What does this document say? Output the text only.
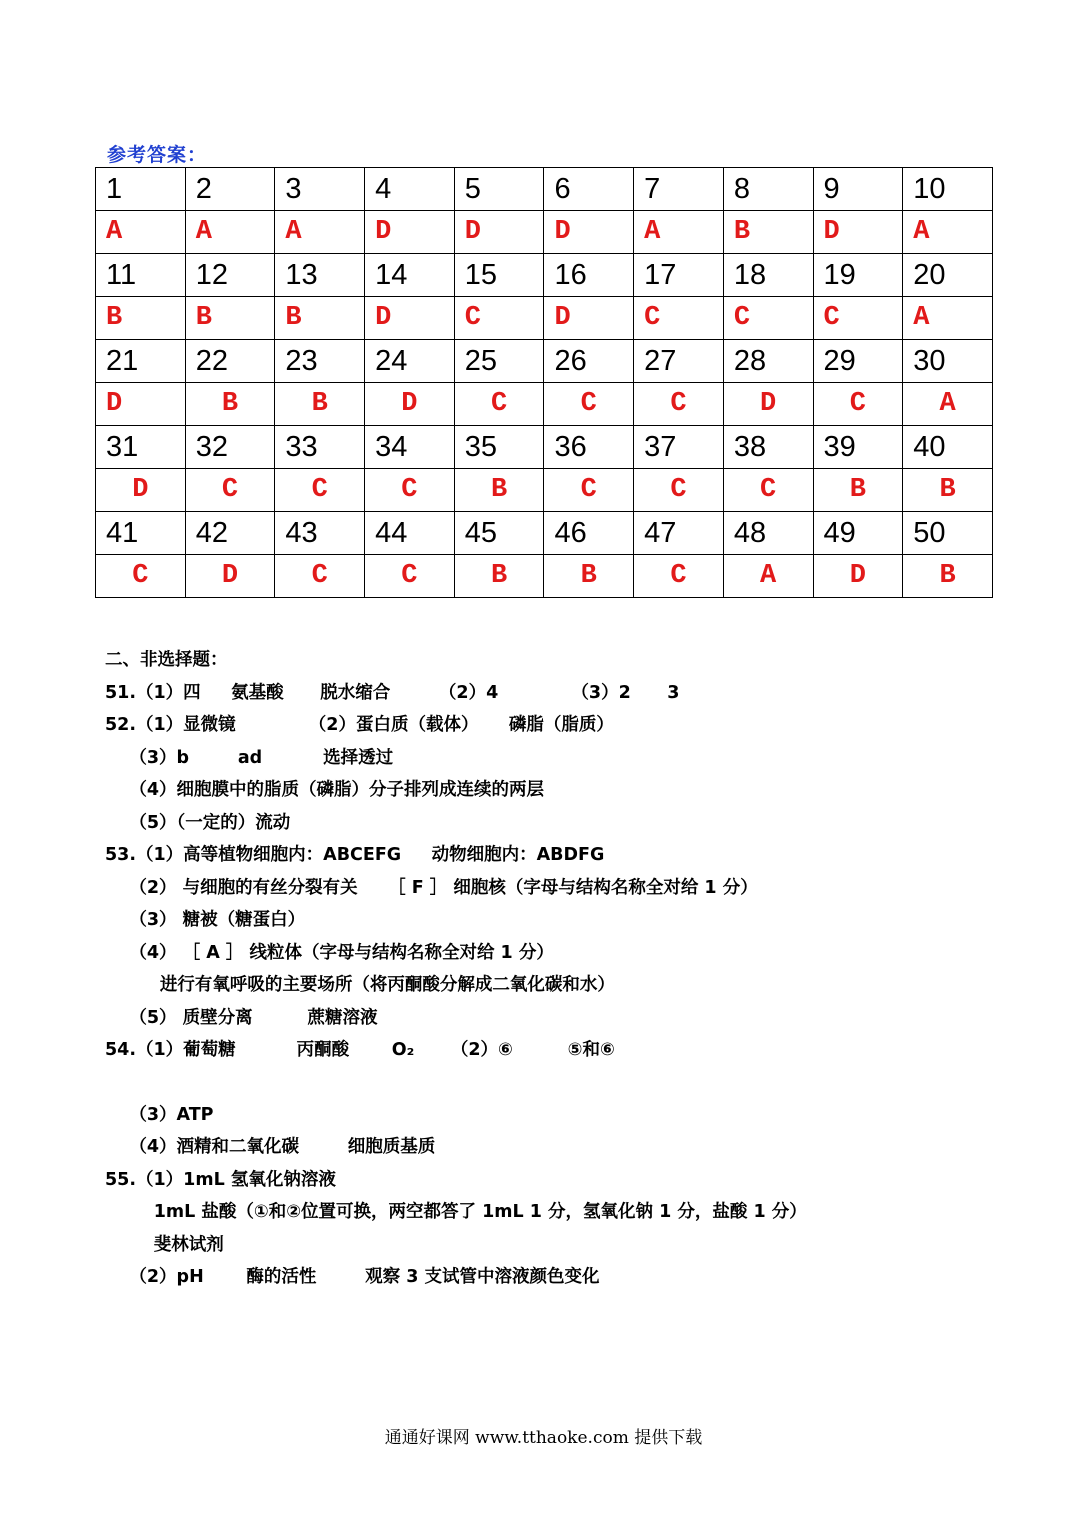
参考答案：
1	2	3	4	5	6	7	8	9	10
A	A	A	D	D	D	A	B	D	A
11	12	13	14	15	16	17	18	19	20
B	B	B	D	C	D	C	C	C	A
21	22	23	24	25	26	27	28	29	30
D	B	B	D	C	C	C	D	C	A
31	32	33	34	35	36	37	38	39	40
D	C	C	C	B	C	C	C	B	B
41	42	43	44	45	46	47	48	49	50
C	D	C	C	B	B	C	A	D	B
二、非选择题：
51.（1）四     氨基酸      脱水缩合        （2）4            （3）2      3
52.（1）显微镜            （2）蛋白质（载体）     磷脂（脂质）
（3）b        ad          选择透过
（4）细胞膜中的脂质（磷脂）分子排列成连续的两层
（5）（一定的）流动
53.（1）高等植物细胞内：ABCEFG     动物细胞内：ABDFG
（2） 与细胞的有丝分裂有关     ［ F ］ 细胞核（字母与结构名称全对给 1 分）
（3） 糖被（糖蛋白）
（4） ［ A ］ 线粒体（字母与结构名称全对给 1 分）
进行有氧呼吸的主要场所（将丙酮酸分解成二氧化碳和水）
（5） 质壁分离         蔗糖溶液
54.（1）葡萄糖          丙酮酸       O₂      （2）⑥         ⑤和⑥
（3）ATP
（4）酒精和二氧化碳        细胞质基质
55.（1）1mL 氢氧化钠溶液
1mL 盐酸（①和②位置可换，两空都答了 1mL 1 分，氢氧化钠 1 分，盐酸 1 分）
斐林试剂
（2）pH       酶的活性        观察 3 支试管中溶液颜色变化
通通好课网 www.tthaoke.com 提供下载
